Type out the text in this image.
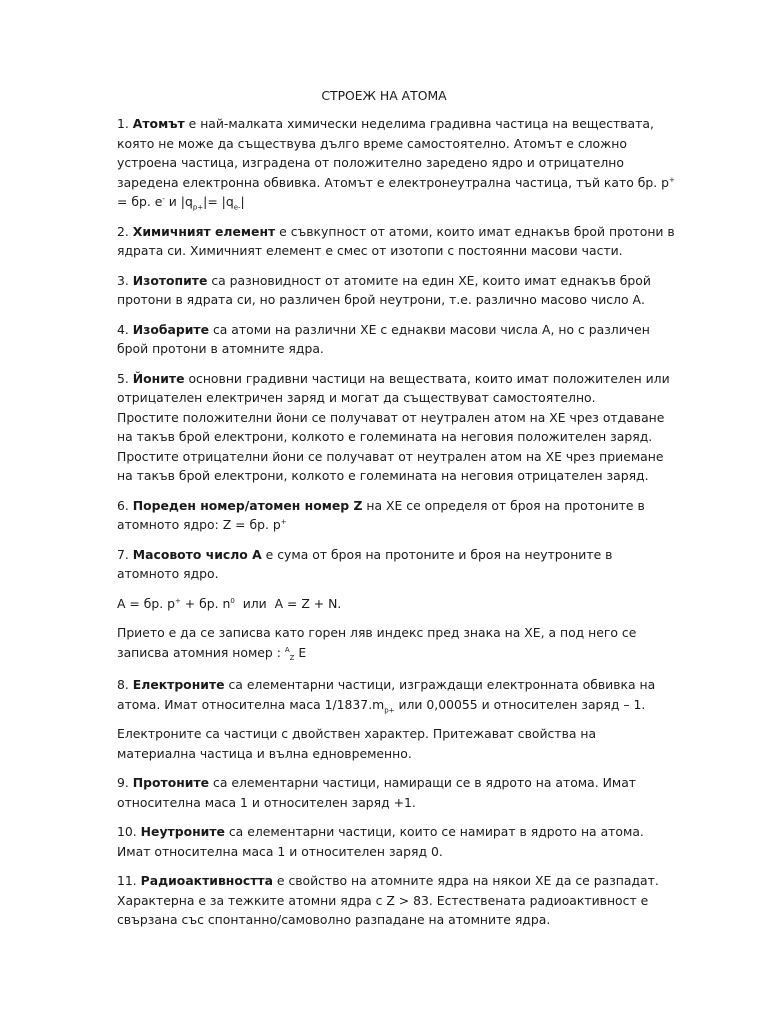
СТРОЕЖ НА АТОМА

1. Атомът е най-малката химически неделима градивна частица на веществата, която не може да съществува дълго време самостоятелно. Атомът е сложно устроена частица, изградена от положително заредено ядро и отрицателно заредена електронна обвивка. Атомът е електронеутрална частица, тъй като бр. р+ = бр. е- и $|q_{p+}|= |q_{e-}|$

2. Химичният елемент е съвкупност от атоми, които имат еднакъв брой протони в ядрата си. Химичният елемент е смес от изотопи с постоянни масови части.

3. Изотопите са разновидност от атомите на един ХЕ, които имат еднакъв брой протони в ядрата си, но различен брой неутрони, т.е. различно масово число А.

4. Изобарите са атоми на различни ХЕ с еднакви масови числа А, но с различен брой протони в атомните ядра.

5. Йоните основни градивни частици на веществата, които имат положителен или отрицателен електричен заряд и могат да съществуват самостоятелно.
Простите положителни йони се получават от неутрален атом на ХЕ чрез отдаване на такъв брой електрони, колкото е големината на неговия положителен заряд.
Простите отрицателни йони се получават от неутрален атом на ХЕ чрез приемане на такъв брой електрони, колкото е големината на неговия отрицателен заряд.

6. Пореден номер/атомен номер Z на ХЕ се определя от броя на протоните в атомното ядро: Z = бр. р+

7. Масовото число А е сума от броя на протоните и броя на неутроните в атомното ядро.

А = бр. р+ + бр. $n^0$  или  А = Z + N.

Прието е да се записва като горен ляв индекс пред знака на ХЕ, а под него се записва атомния номер : $^A_Z$ Е

8. Електроните са елементарни частици, изграждащи електронната обвивка на атома. Имат относителна маса $1/1837.m_{p+}$ или 0,00055 и относителен заряд – 1.

Електроните са частици с двойствен характер. Притежават свойства на материална частица и вълна едновременно.

9. Протоните са елементарни частици, намиращи се в ядрото на атома. Имат относителна маса 1 и относителен заряд +1.

10. Неутроните са елементарни частици, които се намират в ядрото на атома. Имат относителна маса 1 и относителен заряд 0.

11. Радиоактивността е свойство на атомните ядра на някои ХЕ да се разпадат. Характерна е за тежките атомни ядра с Z > 83. Естествената радиоактивност е свързана със спонтанно/самоволно разпадане на атомните ядра.
